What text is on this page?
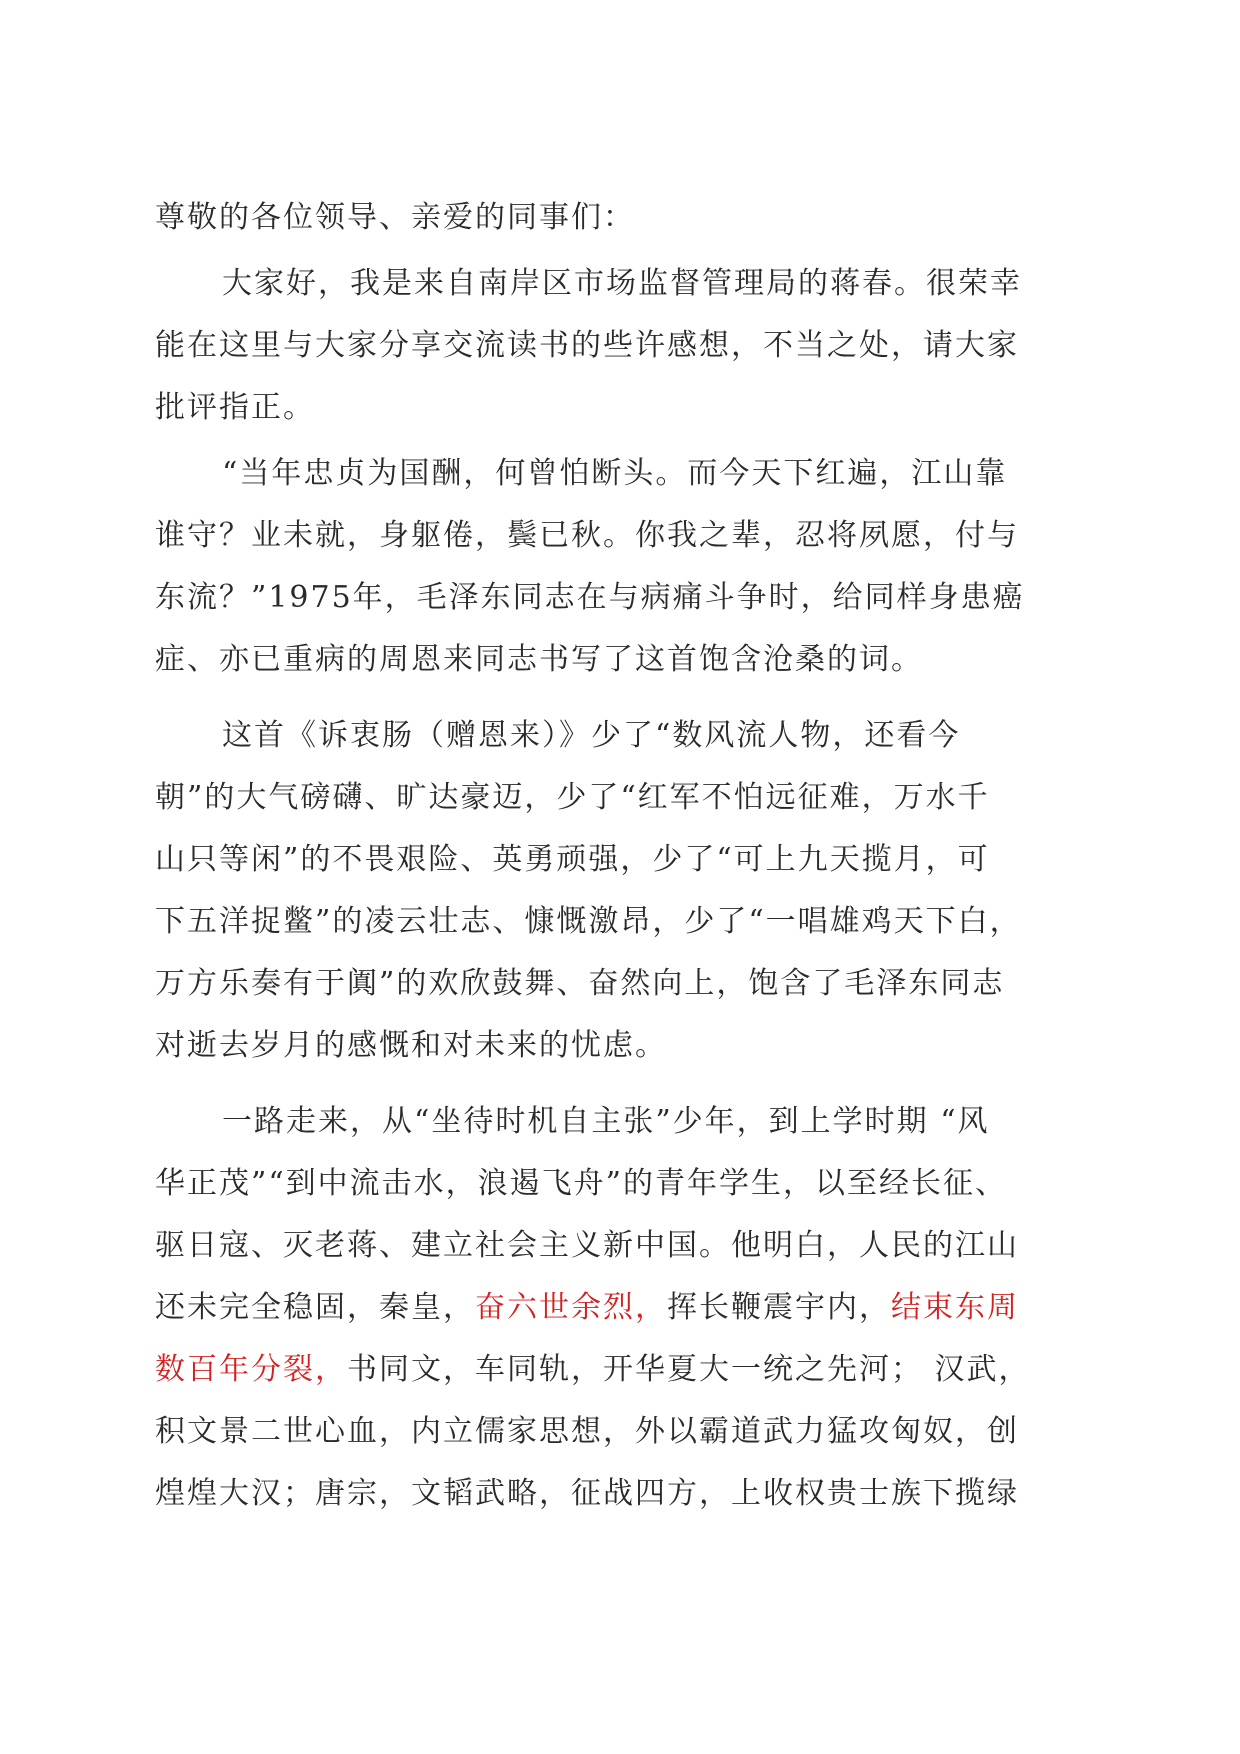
尊敬的各位领导、亲爱的同事们：
大家好，我是来自南岸区市场监督管理局的蒋春。很荣幸
能在这里与大家分享交流读书的些许感想，不当之处，请大家
批评指正。
“当年忠贞为国酬，何曾怕断头。而今天下红遍，江山靠
谁守？业未就，身躯倦，鬓已秋。你我之辈，忍将夙愿，付与
东流？”1975年，毛泽东同志在与病痛斗争时，给同样身患癌
症、亦已重病的周恩来同志书写了这首饱含沧桑的词。
这首《诉衷肠（赠恩来）》少了“数风流人物，还看今
朝”的大气磅礴、旷达豪迈，少了“红军不怕远征难，万水千
山只等闲”的不畏艰险、英勇顽强，少了“可上九天揽月，可
下五洋捉鳖”的凌云壮志、慷慨激昂，少了“一唱雄鸡天下白，
万方乐奏有于阗”的欢欣鼓舞、奋然向上，饱含了毛泽东同志
对逝去岁月的感慨和对未来的忧虑。
一路走来，从“坐待时机自主张”少年，到上学时期 “风
华正茂”“到中流击水，浪遏飞舟”的青年学生，以至经长征、
驱日寇、灭老蒋、建立社会主义新中国。他明白，人民的江山
还未完全稳固，秦皇，奋六世余烈，挥长鞭震宇内，结束东周
数百年分裂，书同文，车同轨，开华夏大一统之先河； 汉武，
积文景二世心血，内立儒家思想，外以霸道武力猛攻匈奴，创
煌煌大汉；唐宗，文韬武略，征战四方，上收权贵士族下揽绿
